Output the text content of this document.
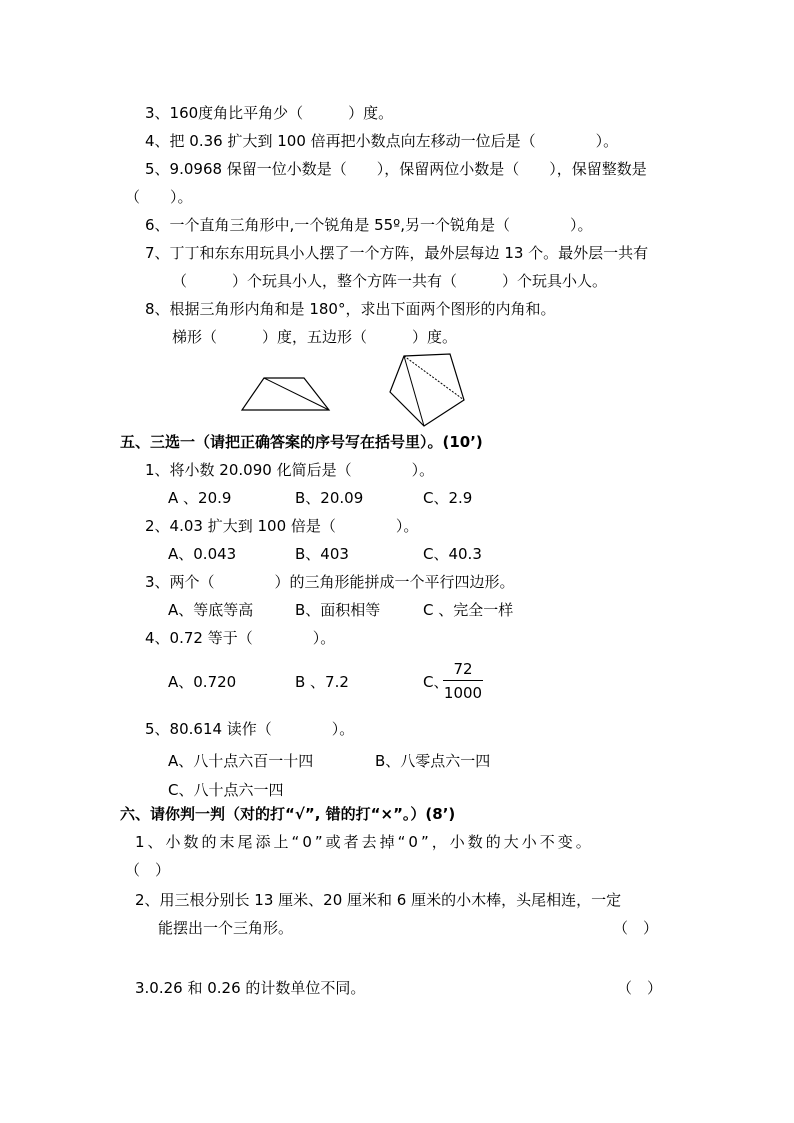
3、160度角比平角少（　　　）度。
4、把 0.36 扩大到 100 倍再把小数点向左移动一位后是（　　　　）。
5、9.0968 保留一位小数是（　　），保留两位小数是（　　），保留整数是
（　　）。
6、一个直角三角形中,一个锐角是 55º,另一个锐角是（　　　　）。
7、丁丁和东东用玩具小人摆了一个方阵，最外层每边 13 个。最外层一共有
（　　　）个玩具小人，整个方阵一共有（　　　）个玩具小人。
8、根据三角形内角和是 180°，求出下面两个图形的内角和。
梯形（　　　）度，五边形（　　　）度。
五、三选一（请把正确答案的序号写在括号里）。(10’)
1、将小数 20.090 化简后是（　　　　）。
A 、20.9	B、20.09	C、2.9
2、4.03 扩大到 100 倍是（　　　　）。
A、0.043	B、403	C、40.3
3、两个（　　　　）的三角形能拼成一个平行四边形。
A、等底等高	B、面积相等	C 、完全一样
4、0.72 等于（　　　　）。
A、0.720	B 、7.2	C、
72
1000
5、80.614 读作（　　　　）。
A、八十点六百一十四	B、八零点六一四
C、八十点六一四
六、请你判一判（对的打“√”, 错的打“×”。）(8’)
1、小数的末尾添上“0”或者去掉“0”，小数的大小不变。
（　）
2、用三根分别长 13 厘米、20 厘米和 6 厘米的小木棒，头尾相连，一定
能摆出一个三角形。	（　）
3.0.26 和 0.26 的计数单位不同。	（　）
